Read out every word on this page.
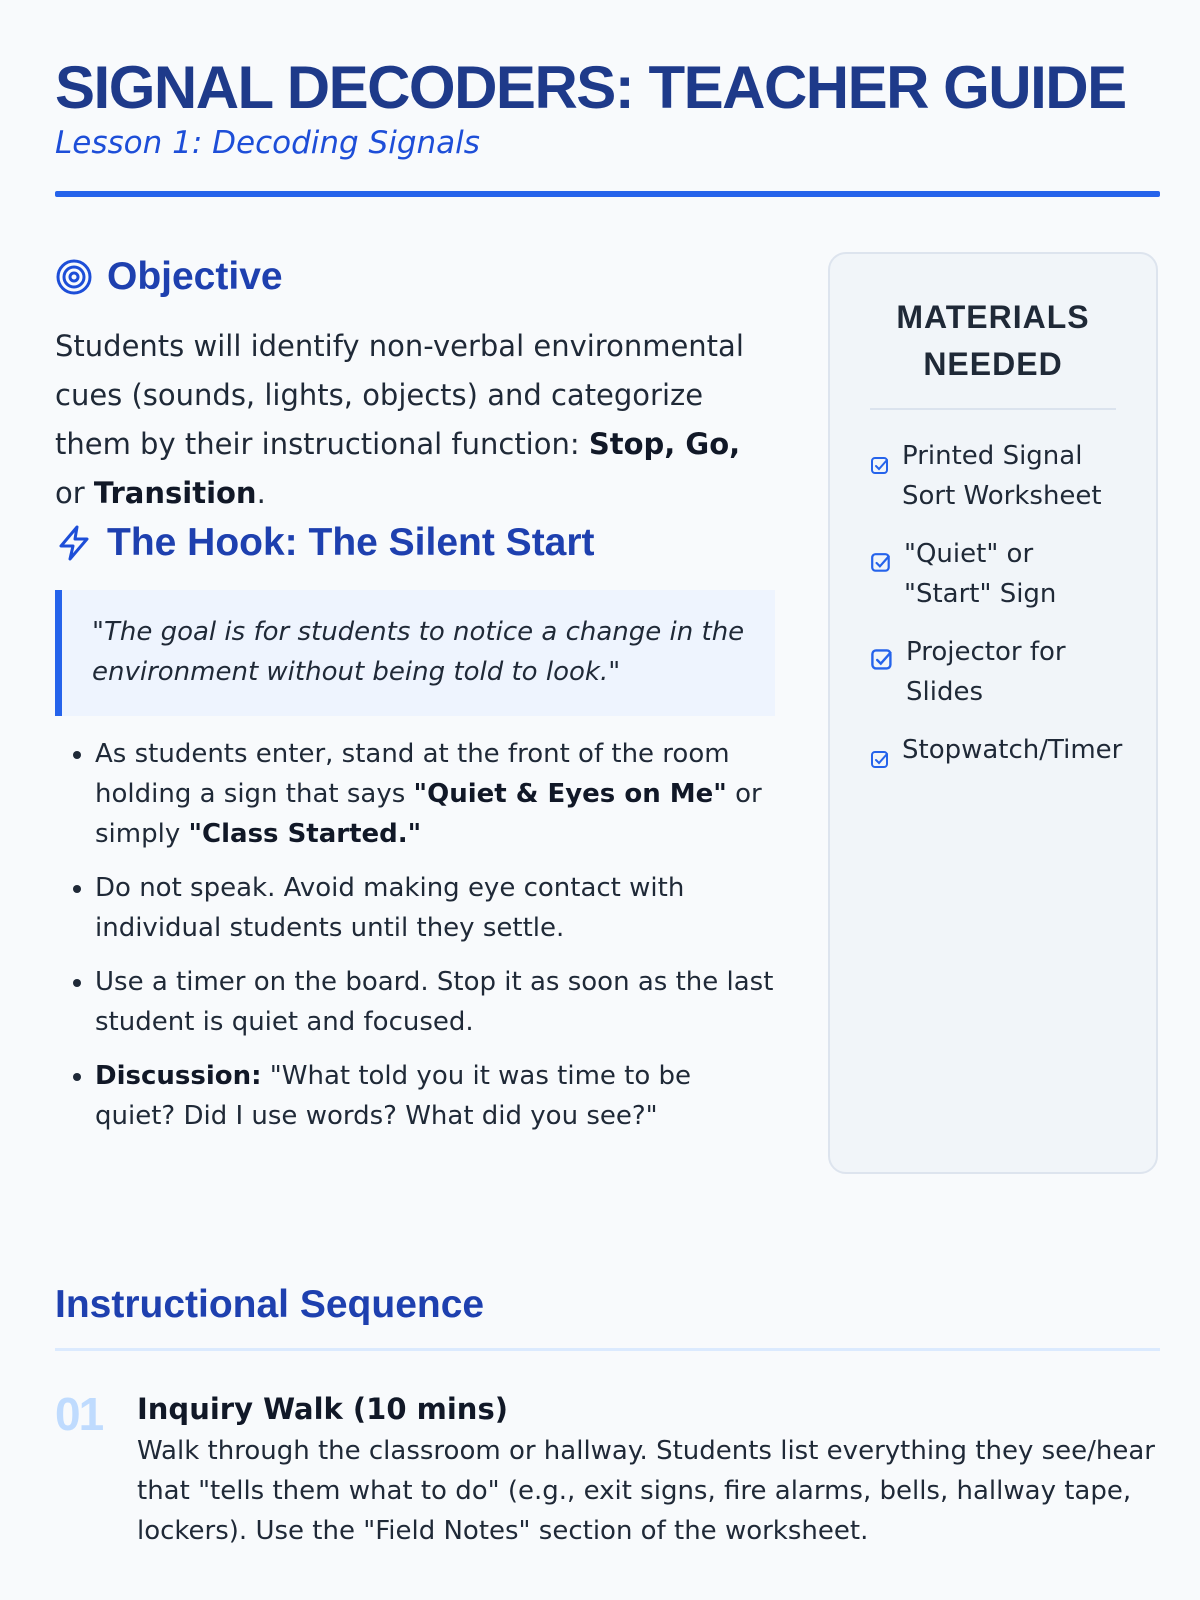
SIGNAL DECODERS: TEACHER GUIDE

Lesson 1: Decoding Signals

Objective

Students will identify non-verbal environmental cues (sounds, lights, objects) and categorize them by their instructional function: Stop, Go, or Transition.

The Hook: The Silent Start
"The goal is for students to notice a change in the environment without being told to look."
• As students enter, stand at the front of the room holding a sign that says "Quiet & Eyes on Me" or simply "Class Started."
• Do not speak. Avoid making eye contact with individual students until they settle.
• Use a timer on the board. Stop it as soon as the last student is quiet and focused.
• Discussion: "What told you it was time to be quiet? Did I use words? What did you see?"
MATERIALS NEEDED
Printed Signal Sort Worksheet
"Quiet" or "Start" Sign
Projector for Slides
Stopwatch/Timer
Instructional Sequence
01 Inquiry Walk (10 mins)

Walk through the classroom or hallway. Students list everything they see/hear that "tells them what to do" (e.g., exit signs, fire alarms, bells, hallway tape, lockers). Use the "Field Notes" section of the worksheet.
